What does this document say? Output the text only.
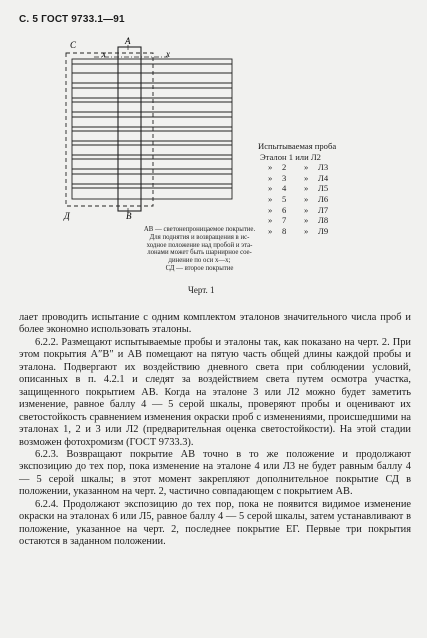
С. 5 ГОСТ 9733.1—91
С	А
x	x
Д	В
Испытываемая проба
Эталон 1 или Л2
» 2 » Л3
» 3 » Л4
» 4 » Л5
» 5 » Л6
» 6 » Л7
» 7 » Л8
» 8 » Л9
АВ — светонепроницаемое покрытие.
Для поднятия и возвращения в ис-
ходное положение над пробой и эта-
лонами может быть шарнирное соe-
динение по оси x—x;
СД — второе покрытие
Черт. 1

лает проводить испытание с одним комплектом эталонов значительного числа проб и более экономно использовать эталоны.

6.2.2. Размещают испытываемые пробы и эталоны так, как показано на черт. 2. При этом покрытия A″B″ и АВ помещают на пятую часть общей длины каждой пробы и эталона. Подвергают их воздействию дневного света при соблюдении условий, описанных в п. 4.2.1 и следят за воздействием света путем осмотра участка, защищенного покрытием АВ. Когда на эталоне 3 или Л2 можно будет заметить изменение, равное баллу 4 — 5 серой шкалы, проверяют пробы и оценивают их светостойкость сравнением изменения окраски проб с изменениями, происшедшими на эталонах 1, 2 и 3 или Л2 (предварительная оценка светостойкости). На этой стадии возможен фотохромизм (ГОСТ 9733.3).

6.2.3. Возвращают покрытие АВ точно в то же положение и продолжают экспозицию до тех пор, пока изменение на эталоне 4 или Л3 не будет равным баллу 4 — 5 серой шкалы; в этот момент закрепляют дополнительное покрытие СД в положении, указанном на черт. 2, частично совпадающем с покрытием АВ.

6.2.4. Продолжают экспозицию до тех пор, пока не появится видимое изменение окраски на эталонах 6 или Л5, равное баллу 4 — 5 серой шкалы, затем устанавливают в положение, указанное на черт. 2, последнее покрытие ЕГ. Первые три покрытия остаются в заданном положении.
